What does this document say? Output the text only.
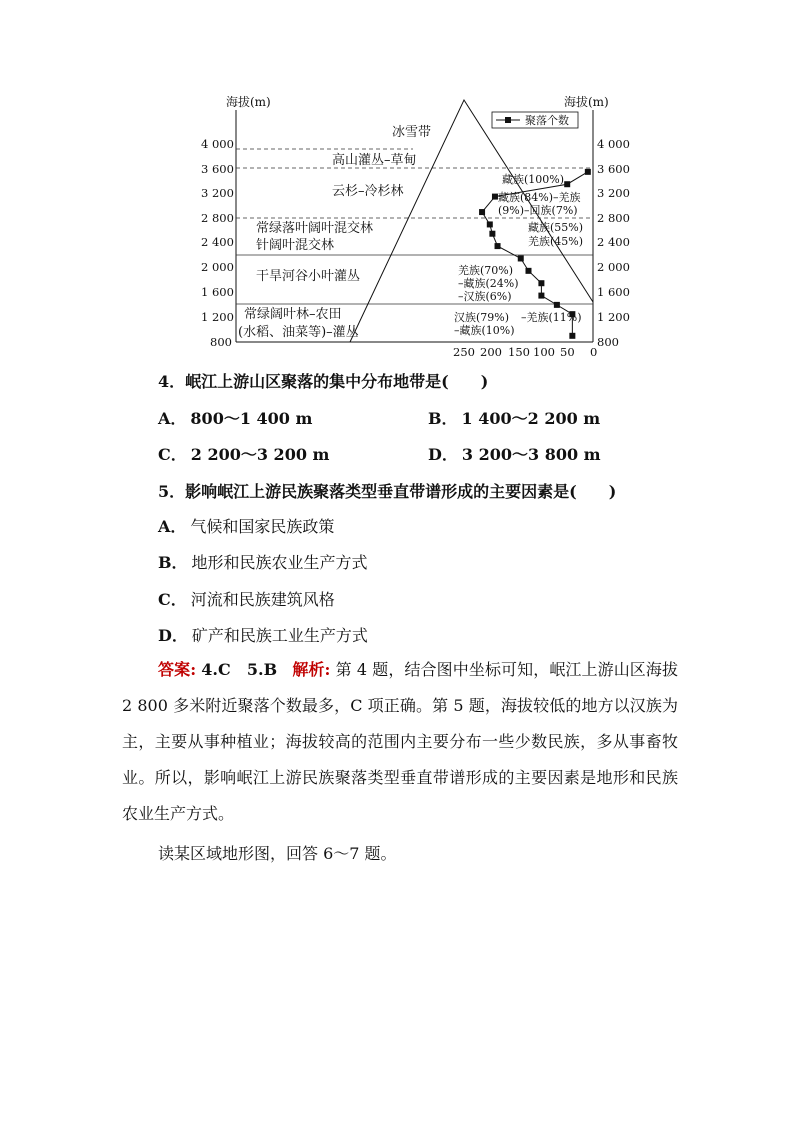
海拔(m)	海拔(m)
4 000
3 600
3 200
2 800
2 400
2 000
1 600
1 200
800
4 000
3 600
3 200
2 800
2 400
2 000
1 600
1 200
800
250 200 150 100 50 0
冰雪带
高山灌丛–草甸
云杉–冷杉林
常绿落叶阔叶混交林
针阔叶混交林
干旱河谷小叶灌丛
常绿阔叶林–农田
(水稻、油菜等)–灌丛
聚落个数
藏族(100%)
藏族(84%)–羌族
(9%)–回族(7%)
藏族(55%)
羌族(45%)
羌族(70%)
–藏族(24%)
–汉族(6%)
汉族(79%) –羌族(11%)
–藏族(10%)
4．岷江上游山区聚落的集中分布地带是(　　)
A． 800～1 400 m	B． 1 400～2 200 m
C． 2 200～3 200 m	D． 3 200～3 800 m
5．影响岷江上游民族聚落类型垂直带谱形成的主要因素是(　　)
A． 气候和国家民族政策
B． 地形和民族农业生产方式
C． 河流和民族建筑风格
D． 矿产和民族工业生产方式
答案: 4.C　5.B 解析: 第 4 题，结合图中坐标可知，岷江上游山区海拔 2 800 多米附近聚落个数最多，C 项正确。第 5 题，海拔较低的地方以汉族为主，主要从事种植业；海拔较高的范围内主要分布一些少数民族，多从事畜牧业。所以，影响岷江上游民族聚落类型垂直带谱形成的主要因素是地形和民族农业生产方式。
读某区域地形图，回答 6～7 题。
